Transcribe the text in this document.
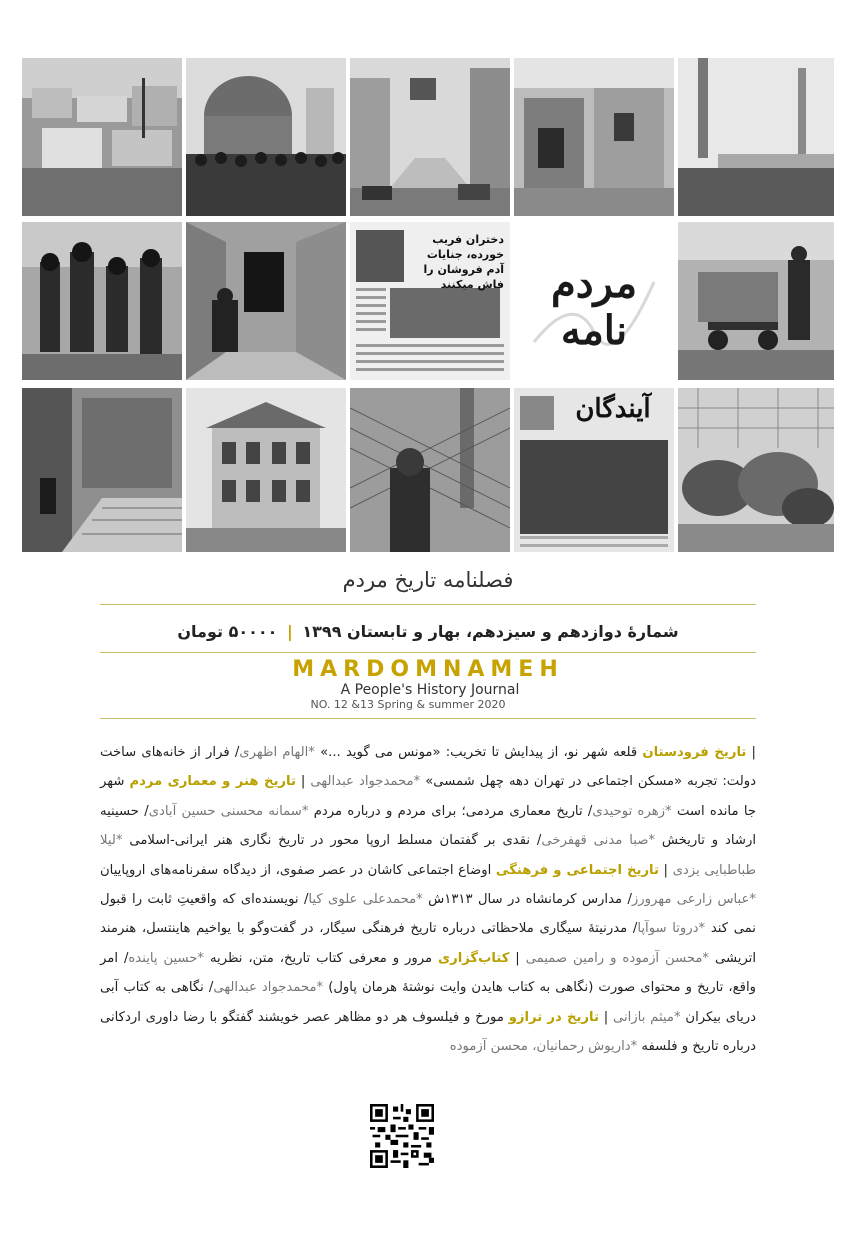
دختران فریب خورده، جنایات
آدم فروشان را فاش میکنند	مردم نامه
آیندگان
فصلنامه تاریخ مردم
شمارۀ دوازدهم و سیزدهم، بهار و تابستان ۱۳۹۹ | ۵۰۰۰۰ تومان
MARDOMNAMEH
A People's History Journal
NO. 12 &13 Spring & summer 2020
| تاریخ فرودستان قلعه شهر نو، از پیدایش تا تخریب: «مونس می گوید ...» *الهام اظهری/ فرار از خانه‌های ساخت دولت: تجربه «مسکن اجتماعی در تهران دهه چهل شمسی» *محمدجواد عبدالهی | تاریخ هنر و معماری مردم شهر جا مانده است *زهره توحیدی/ تاریخ معماری مردمی؛ برای مردم و درباره مردم *سمانه محسنی حسین آبادی/ حسینیه ارشاد و تاریخش *صبا مدنی قهفرخی/ نقدی بر گفتمان مسلط اروپا محور در تاریخ نگاری هنر ایرانی-اسلامی *لیلا طباطبایی یزدی | تاریخ اجتماعی و فرهنگی اوضاع اجتماعی کاشان در عصر صفوی، از دیدگاه سفرنامه‌های اروپاییان *عباس زارعی مهرورز/ مدارس کرمانشاه در سال ۱۳۱۳ش *محمدعلی علوی کیا/ نویسنده‌ای که واقعیتِ ثابت را قبول نمی کند *دروتا سوآپا/ مدرنیتۀ سیگاری ملاحظاتی درباره تاریخ فرهنگی سیگار، در گفت‌وگو با یواخیم هاینتسل، هنرمند اتریشی *محسن آزموده و رامین صمیمی | کتاب‌گزاری مرور و معرفی کتاب تاریخ، متن، نظریه *حسین پاینده/ امر واقع، تاریخ و محتوای صورت (نگاهی به کتاب هایدن وایت نوشتۀ هرمان پاول) *محمدجواد عبدالهی/ نگاهی به کتاب آبی دریای بیکران *میثم بازانی | تاریخ در ترازو مورخ و فیلسوف هر دو مظاهر عصر خویشند گفتگو با رضا داوری اردکانی درباره تاریخ و فلسفه *داریوش رحمانیان، محسن آزموده
